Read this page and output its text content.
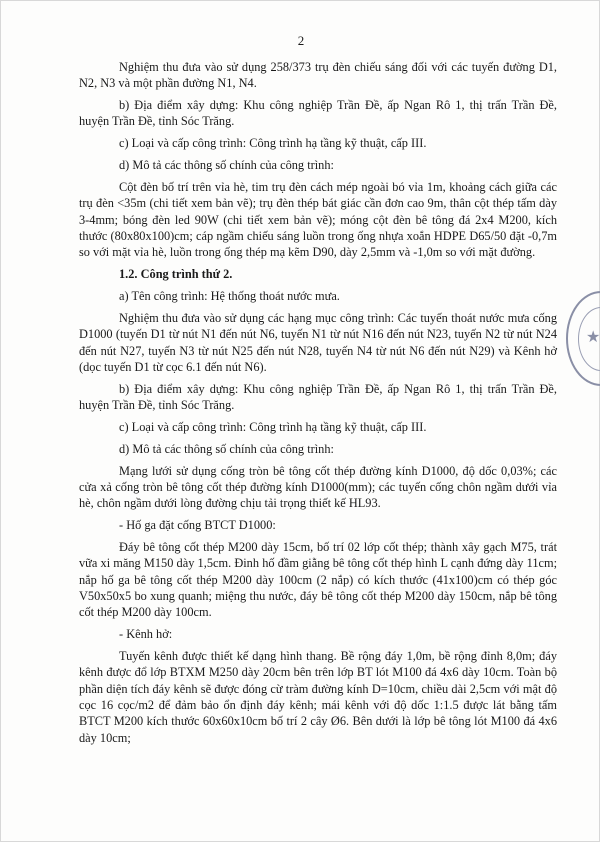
2

Nghiệm thu đưa vào sử dụng 258/373 trụ đèn chiếu sáng đối với các tuyến đường D1, N2, N3 và một phần đường N1, N4.

b) Địa điểm xây dựng: Khu công nghiệp Trần Đề, ấp Ngan Rô 1, thị trấn Trần Đề, huyện Trần Đề, tỉnh Sóc Trăng.

c) Loại và cấp công trình: Công trình hạ tầng kỹ thuật, cấp III.

d) Mô tả các thông số chính của công trình:

Cột đèn bố trí trên vỉa hè, tim trụ đèn cách mép ngoài bó vỉa 1m, khoảng cách giữa các trụ đèn <35m (chi tiết xem bản vẽ); trụ đèn thép bát giác cần đơn cao 9m, thân cột thép tấm dày 3-4mm; bóng đèn led 90W (chi tiết xem bản vẽ); móng cột đèn bê tông đá 2x4 M200, kích thước (80x80x100)cm; cáp ngầm chiếu sáng luồn trong ống nhựa xoắn HDPE D65/50 đặt -0,7m so với mặt vỉa hè, luồn trong ống thép mạ kẽm D90, dày 2,5mm và -1,0m so với mặt đường.

1.2. Công trình thứ 2.

a) Tên công trình: Hệ thống thoát nước mưa.

Nghiệm thu đưa vào sử dụng các hạng mục công trình: Các tuyến thoát nước mưa cống D1000 (tuyến D1 từ nút N1 đến nút N6, tuyến N1 từ nút N16 đến nút N23, tuyến N2 từ nút N24 đến nút N27, tuyến N3 từ nút N25 đến nút N28, tuyến N4 từ nút N6 đến nút N29) và Kênh hở (dọc tuyến D1 từ cọc 6.1 đến nút N6).

b) Địa điểm xây dựng: Khu công nghiệp Trần Đề, ấp Ngan Rô 1, thị trấn Trần Đề, huyện Trần Đề, tỉnh Sóc Trăng.

c) Loại và cấp công trình: Công trình hạ tầng kỹ thuật, cấp III.

d) Mô tả các thông số chính của công trình:

Mạng lưới sử dụng cống tròn bê tông cốt thép đường kính D1000, độ dốc 0,03%; các cửa xả cống tròn bê tông cốt thép đường kính D1000(mm); các tuyến cống chôn ngầm dưới vỉa hè, chôn ngầm dưới lòng đường chịu tải trọng thiết kế HL93.

- Hố ga đặt cống BTCT D1000:

Đáy bê tông cốt thép M200 dày 15cm, bố trí 02 lớp cốt thép; thành xây gạch M75, trát vữa xi măng M150 dày 1,5cm. Đinh hố đầm giằng bê tông cốt thép hình L cạnh đứng dày 11cm; nắp hố ga bê tông cốt thép M200 dày 100cm (2 nắp) có kích thước (41x100)cm có thép góc V50x50x5 bo xung quanh; miệng thu nước, đáy bê tông cốt thép M200 dày 150cm, nắp bê tông cốt thép M200 dày 100cm.

- Kênh hở:

Tuyến kênh được thiết kế dạng hình thang. Bề rộng đáy 1,0m, bề rộng đỉnh 8,0m; đáy kênh được đổ lớp BTXM M250 dày 20cm bên trên lớp BT lót M100 đá 4x6 dày 10cm. Toàn bộ phần diện tích đáy kênh sẽ được đóng cừ tràm đường kính D=10cm, chiều dài 2,5cm với mật độ cọc 16 cọc/m2 để đảm bảo ổn định đáy kênh; mái kênh với độ dốc 1:1.5 được lát bằng tấm BTCT M200 kích thước 60x60x10cm bố trí 2 cây Ø6. Bên dưới là lớp bê tông lót M100 đá 4x6 dày 10cm;

★
